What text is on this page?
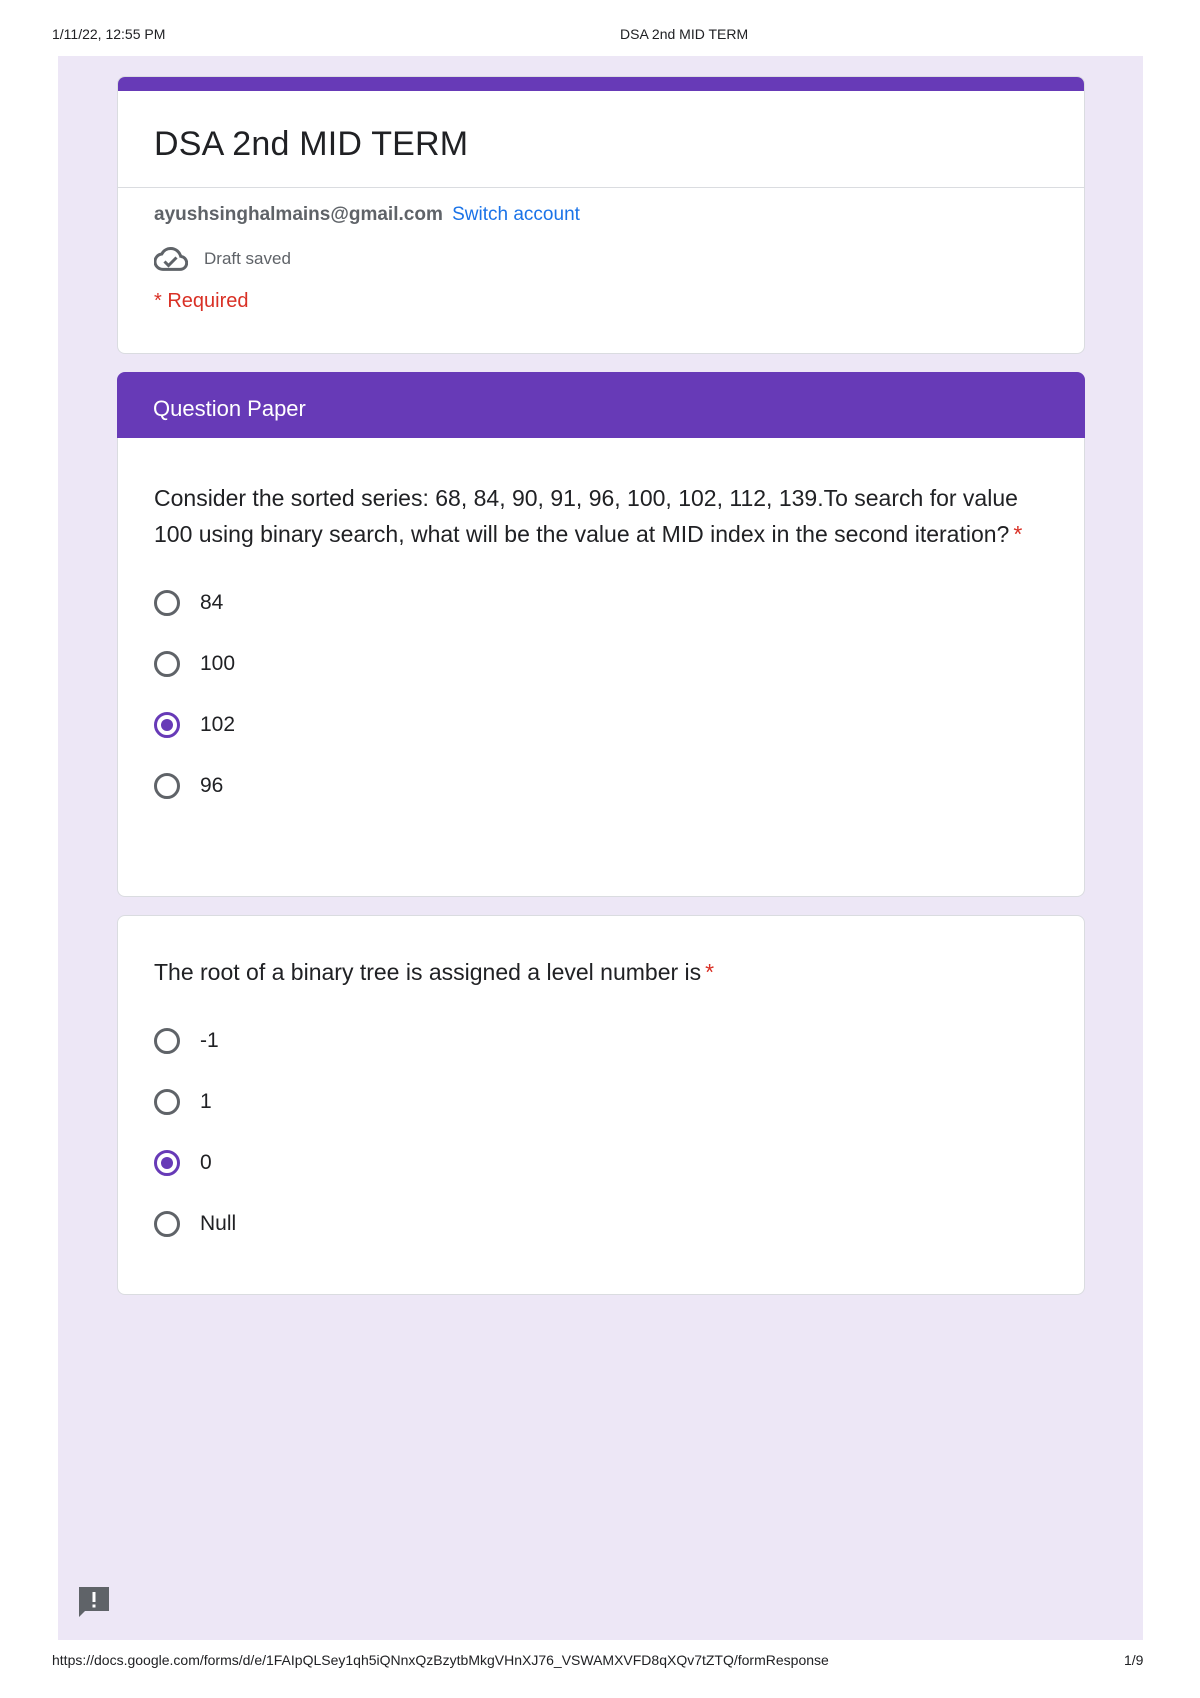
1/11/22, 12:55 PM	DSA 2nd MID TERM
DSA 2nd MID TERM
ayushsinghalmains@gmail.com Switch account
Draft saved
* Required
Question Paper
Consider the sorted series: 68, 84, 90, 91, 96, 100, 102, 112, 139.To search for value 100 using binary search, what will be the value at MID index in the second iteration? *
84
100
102
96
The root of a binary tree is assigned a level number is *
-1
1
0
Null
https://docs.google.com/forms/d/e/1FAIpQLSey1qh5iQNnxQzBzytbMkgVHnXJ76_VSWAMXVFD8qXQv7tZTQ/formResponse	1/9
